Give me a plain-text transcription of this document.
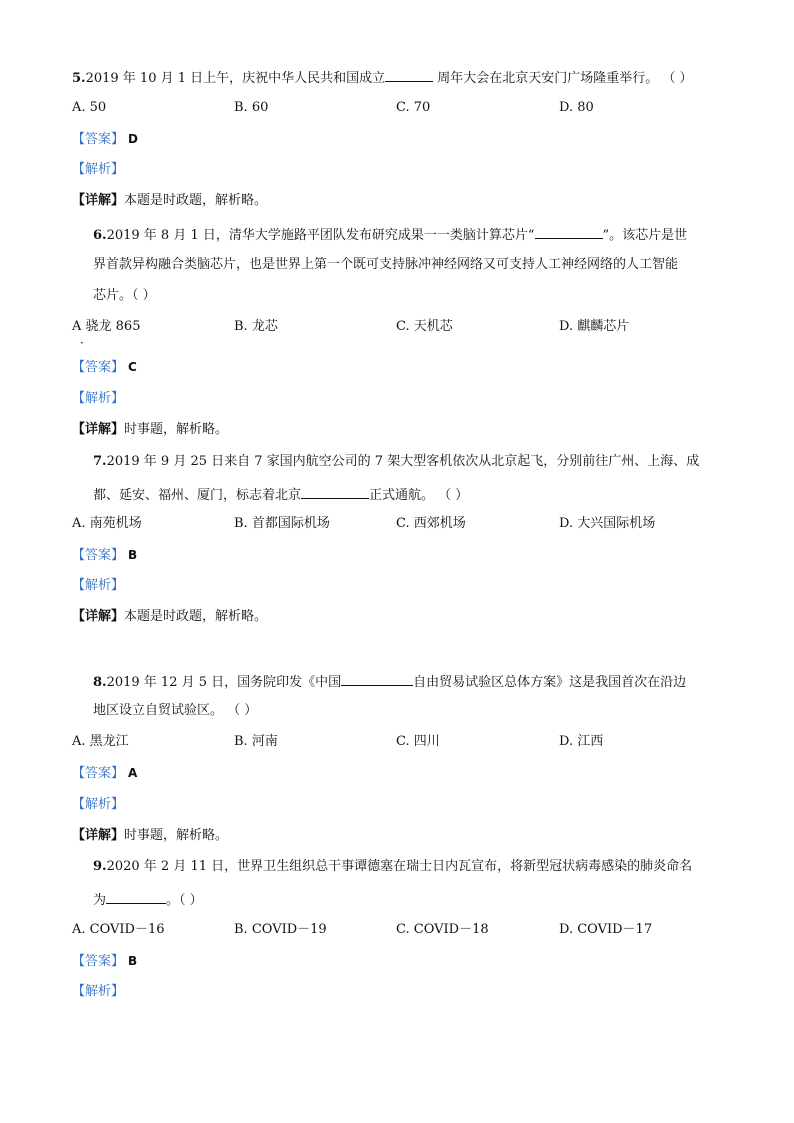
5.2019 年 10 月 1 日上午，庆祝中华人民共和国成立	周年大会在北京天安门广场隆重举行。 （ ）
A. 50	B. 60	C. 70	D. 80
【答案】 D
【解析】
【详解】本题是时政题，解析略。
6.2019 年 8 月 1 日，清华大学施路平团队发布研究成果一一类脑计算芯片“	”。该芯片是世
界首款异构融合类脑芯片，也是世界上第一个既可支持脉冲神经网络又可支持人工神经网络的人工智能
芯片。（ ）
A 骁龙 865
·
B. 龙芯	C. 天机芯	D. 麒麟芯片
【答案】 C
【解析】
【详解】时事题，解析略。
7.2019 年 9 月 25 日来自 7 家国内航空公司的 7 架大型客机依次从北京起飞，分别前往广州、上海、成
都、延安、福州、厦门，标志着北京	正式通航。 （ ）
A. 南苑机场	B. 首都国际机场	C. 西郊机场	D. 大兴国际机场
【答案】 B
【解析】
【详解】本题是时政题，解析略。
8.2019 年 12 月 5 日，国务院印发《中国	自由贸易试验区总体方案》这是我国首次在沿边
地区设立自贸试验区。 （ ）
A. 黑龙江	B. 河南	C. 四川	D. 江西
【答案】 A
【解析】
【详解】时事题，解析略。
9.2020 年 2 月 11 日，世界卫生组织总干事谭德塞在瑞士日内瓦宣布，将新型冠状病毒感染的肺炎命名
为	。（ ）
A. COVID－16	B. COVID－19	C. COVID－18	D. COVID－17
【答案】 B
【解析】
